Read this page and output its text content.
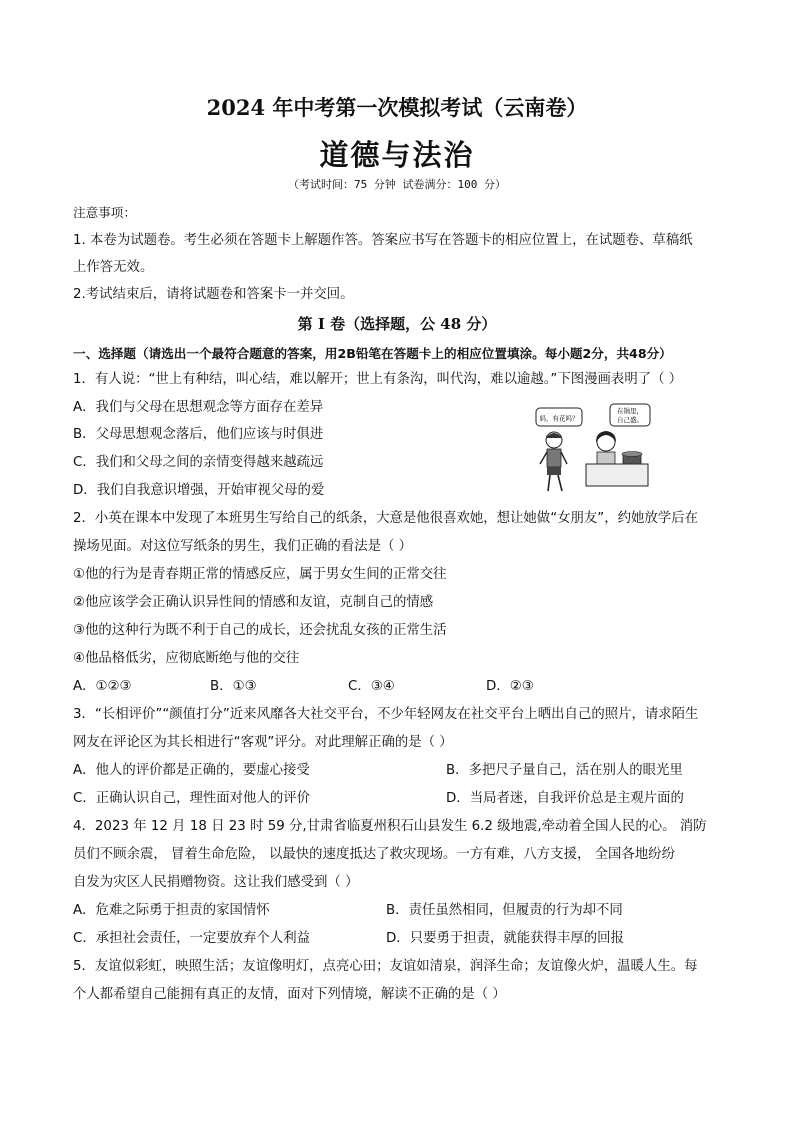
2024 年中考第一次模拟考试（云南卷）
道德与法治
（考试时间：75 分钟 试卷满分：100 分）
注意事项：
1. 本卷为试题卷。考生必须在答题卡上解题作答。答案应书写在答题卡的相应位置上，在试题卷、草稿纸
上作答无效。
2.考试结束后，请将试题卷和答案卡一并交回。
第 I 卷（选择题，公 48 分）
一、选择题（请选出一个最符合题意的答案，用2B铅笔在答题卡上的相应位置填涂。每小题2分，共48分）
1．有人说：“世上有种结，叫心结，难以解开；世上有条沟，叫代沟，难以逾越。”下图漫画表明了（ ）
A．我们与父母在思想观念等方面存在差异
B．父母思想观念落后，他们应该与时俱进
C．我们和父母之间的亲情变得越来越疏远
D．我们自我意识增强，开始审视父母的爱
妈，有花吗？
在锅里，
自己盛。
2．小英在课本中发现了本班男生写给自己的纸条，大意是他很喜欢她，想让她做“女朋友”，约她放学后在
操场见面。对这位写纸条的男生，我们正确的看法是（ ）
①他的行为是青春期正常的情感反应，属于男女生间的正常交往
②他应该学会正确认识异性间的情感和友谊，克制自己的情感
③他的这种行为既不利于自己的成长，还会扰乱女孩的正常生活
④他品格低劣，应彻底断绝与他的交往
A．①②③	B．①③	C．③④	D．②③
3．“长相评价”“颜值打分”近来风靡各大社交平台，不少年轻网友在社交平台上晒出自己的照片，请求陌生
网友在评论区为其长相进行“客观”评分。对此理解正确的是（ ）
A．他人的评价都是正确的，要虚心接受	B．多把尺子量自己，活在别人的眼光里
C．正确认识自己，理性面对他人的评价	D．当局者迷，自我评价总是主观片面的
4．2023 年 12 月 18 日 23 时 59 分,甘肃省临夏州积石山县发生 6.2 级地震,牵动着全国人民的心。 消防
员们不顾余震， 冒着生命危险， 以最快的速度抵达了救灾现场。一方有难，八方支援， 全国各地纷纷
自发为灾区人民捐赠物资。这让我们感受到（ ）
A．危难之际勇于担责的家国情怀	B．责任虽然相同，但履责的行为却不同
C．承担社会责任，一定要放弃个人利益	D．只要勇于担责，就能获得丰厚的回报
5．友谊似彩虹，映照生活；友谊像明灯，点亮心田；友谊如清泉，润泽生命；友谊像火炉，温暖人生。每
个人都希望自己能拥有真正的友情，面对下列情境，解读不正确的是（ ）
